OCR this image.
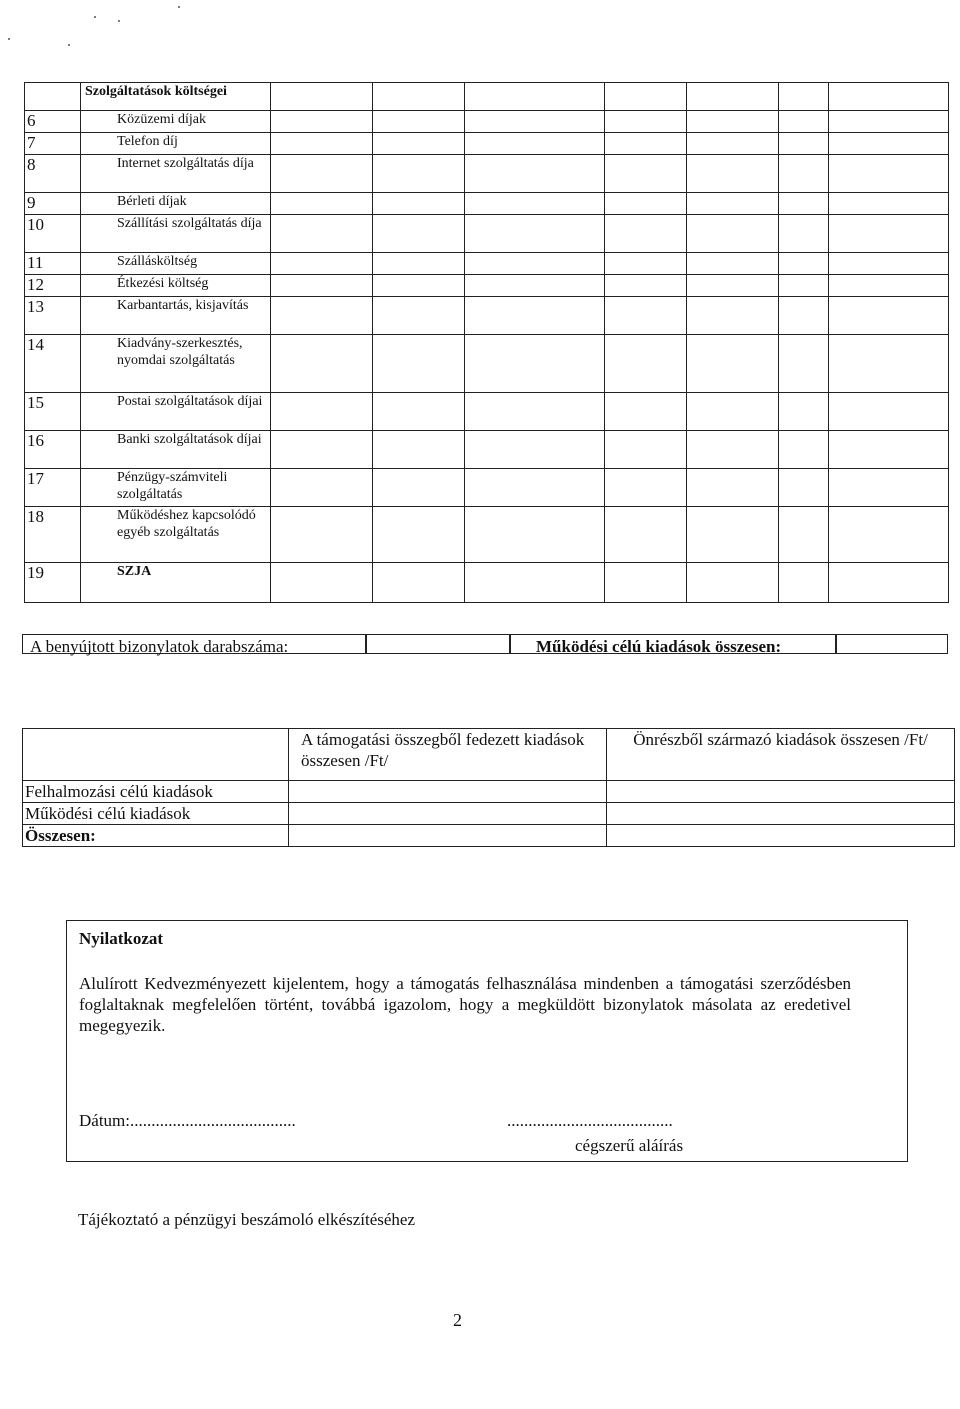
	Szolgáltatások költségei							
6	Közüzemi díjak							
7	Telefon díj							
8	Internet szolgáltatás díja							
9	Bérleti díjak							
10	Szállítási szolgáltatás díja							
11	Szállásköltség							
12	Étkezési költség							
13	Karbantartás, kisjavítás							
14	Kiadvány-szerkesztés, nyomdai szolgáltatás							
15	Postai szolgáltatások díjai							
16	Banki szolgáltatások díjai							
17	Pénzügy-számviteli szolgáltatás							
18	Működéshez kapcsolódó egyéb szolgáltatás							
19	SZJA							
A benyújtott bizonylatok darabszáma:	Működési célú kiadások összesen:
	A támogatási összegből fedezett kiadások összesen /Ft/	Önrészből származó kiadások összesen /Ft/
Felhalmozási célú kiadások		
Működési célú kiadások		
Összesen:		
Nyilatkozat
Alulírott Kedvezményezett kijelentem, hogy a támogatás felhasználása mindenben a támogatási szerződésben foglaltaknak megfelelően történt, továbbá igazolom, hogy a megküldött bizonylatok másolata az eredetivel megegyezik.
Dátum:.......................................	.......................................
cégszerű aláírás
Tájékoztató a pénzügyi beszámoló elkészítéséhez
2
